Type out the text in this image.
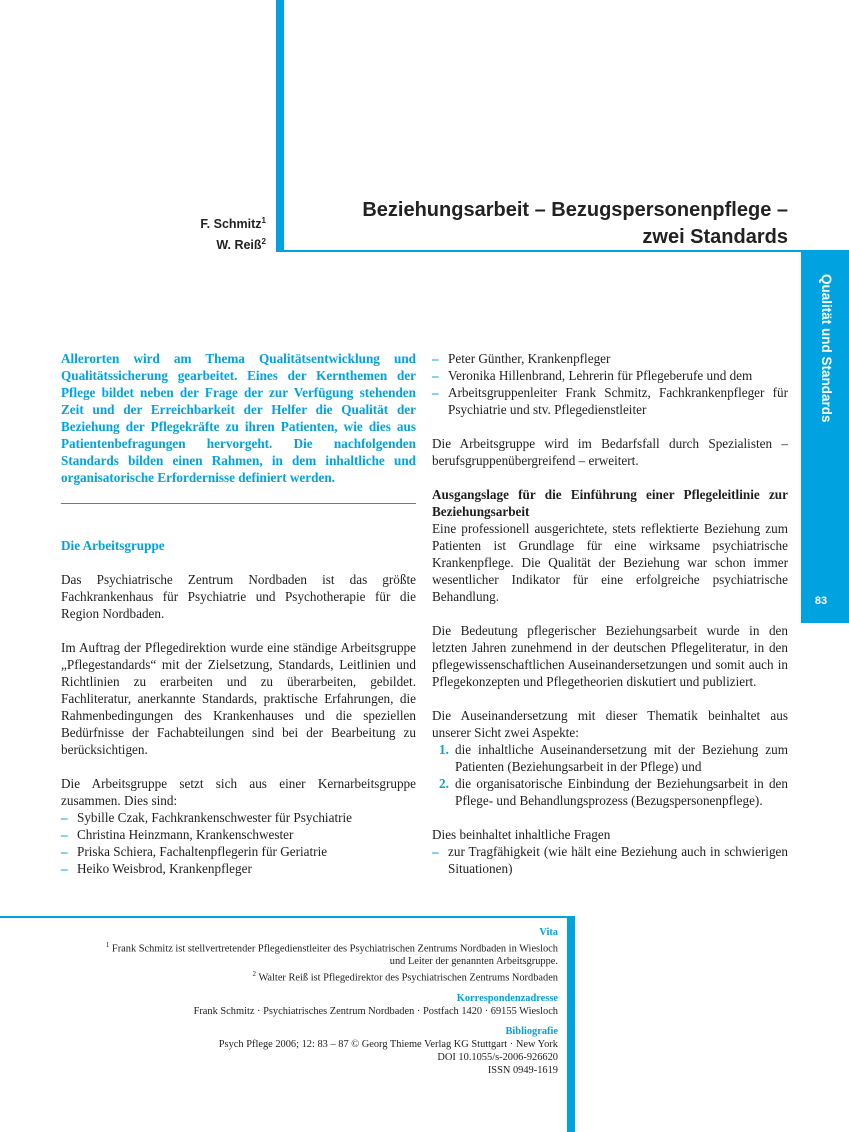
F. Schmitz$^1$
W. Reiß$^2$
Beziehungsarbeit – Bezugspersonenpflege –
zwei Standards
Qualität und Standards
83

Allerorten wird am Thema Qualitätsentwicklung und Qualitätssicherung gearbeitet. Eines der Kernthemen der Pflege bildet neben der Frage der zur Verfügung stehenden Zeit und der Erreichbarkeit der Helfer die Qualität der Beziehung der Pflegekräfte zu ihren Patienten, wie dies aus Patientenbefragungen hervorgeht. Die nachfolgenden Standards bilden einen Rahmen, in dem inhaltliche und organisatorische Erfordernisse definiert werden.

Die Arbeitsgruppe

Das Psychiatrische Zentrum Nordbaden ist das größte Fachkrankenhaus für Psychiatrie und Psychotherapie für die Region Nordbaden.

Im Auftrag der Pflegedirektion wurde eine ständige Arbeitsgruppe „Pflegestandards“ mit der Zielsetzung, Standards, Leitlinien und Richtlinien zu erarbeiten und zu überarbeiten, gebildet. Fachliteratur, anerkannte Standards, praktische Erfahrungen, die Rahmenbedingungen des Krankenhauses und die speziellen Bedürfnisse der Fachabteilungen sind bei der Bearbeitung zu berücksichtigen.

Die Arbeitsgruppe setzt sich aus einer Kernarbeitsgruppe zusammen. Dies sind:

– Sybille Czak, Fachkrankenschwester für Psychiatrie
– Christina Heinzmann, Krankenschwester
– Priska Schiera, Fachaltenpflegerin für Geriatrie
– Heiko Weisbrod, Krankenpfleger
– Peter Günther, Krankenpfleger
– Veronika Hillenbrand, Lehrerin für Pflegeberufe und dem
– Arbeitsgruppenleiter Frank Schmitz, Fachkrankenpfleger für Psychiatrie und stv. Pflegedienstleiter

Die Arbeitsgruppe wird im Bedarfsfall durch Spezialisten – berufsgruppenübergreifend – erweitert.

Ausgangslage für die Einführung einer Pflegeleitlinie zur Beziehungsarbeit

Eine professionell ausgerichtete, stets reflektierte Beziehung zum Patienten ist Grundlage für eine wirksame psychiatrische Krankenpflege. Die Qualität der Beziehung war schon immer wesentlicher Indikator für eine erfolgreiche psychiatrische Behandlung.

Die Bedeutung pflegerischer Beziehungsarbeit wurde in den letzten Jahren zunehmend in der deutschen Pflegeliteratur, in den pflegewissenschaftlichen Auseinandersetzungen und somit auch in Pflegekonzepten und Pflegetheorien diskutiert und publiziert.

Die Auseinandersetzung mit dieser Thematik beinhaltet aus unserer Sicht zwei Aspekte:

1. die inhaltliche Auseinandersetzung mit der Beziehung zum Patienten (Beziehungsarbeit in der Pflege) und
2. die organisatorische Einbindung der Beziehungsarbeit in den Pflege- und Behandlungsprozess (Bezugspersonenpflege).

Dies beinhaltet inhaltliche Fragen

– zur Tragfähigkeit (wie hält eine Beziehung auch in schwierigen Situationen)
Vita
$^1$ Frank Schmitz ist stellvertretender Pflegedienstleiter des Psychiatrischen Zentrums Nordbaden in Wiesloch
und Leiter der genannten Arbeitsgruppe.
$^2$ Walter Reiß ist Pflegedirektor des Psychiatrischen Zentrums Nordbaden
Korrespondenzadresse
Frank Schmitz · Psychiatrisches Zentrum Nordbaden · Postfach 1420 · 69155 Wiesloch
Bibliografie
Psych Pflege 2006; 12: 83 – 87 © Georg Thieme Verlag KG Stuttgart · New York
DOI 10.1055/s-2006-926620
ISSN 0949-1619
